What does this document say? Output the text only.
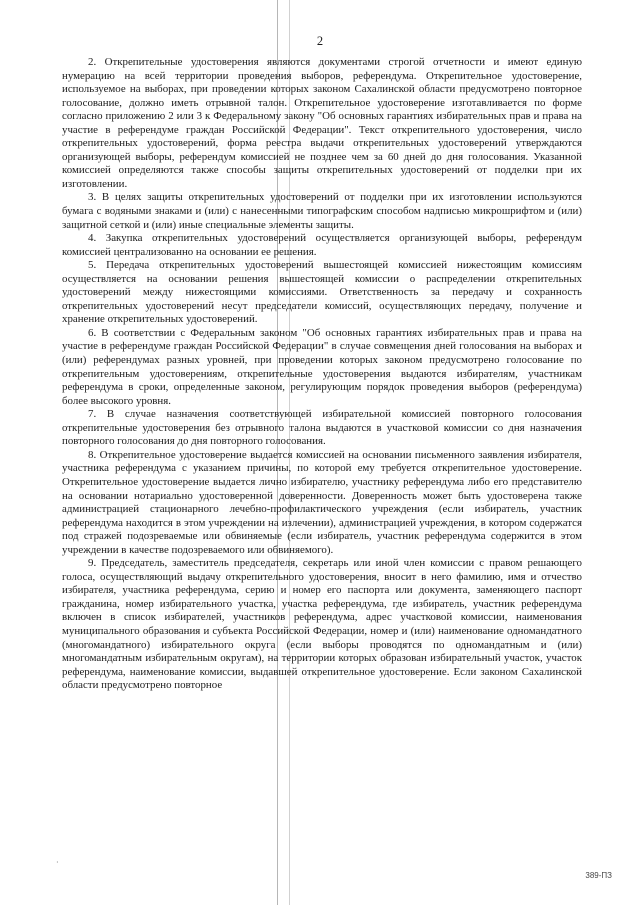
2

2. Открепительные удостоверения являются документами строгой отчетности и имеют единую нумерацию на всей территории проведения выборов, референдума. Открепительное удостоверение, используемое на выборах, при проведении которых законом Сахалинской области предусмотрено повторное голосование, должно иметь отрывной талон. Открепительное удостоверение изготавливается по форме согласно приложению 2 или 3 к Федеральному закону "Об основных гарантиях избирательных прав и права на участие в референдуме граждан Российской Федерации". Текст открепительного удостоверения, число открепительных удостоверений, форма реестра выдачи открепительных удостоверений утверждаются организующей выборы, референдум комиссией не позднее чем за 60 дней до дня голосования. Указанной комиссией определяются также способы защиты открепительных удостоверений от подделки при их изготовлении.

3. В целях защиты открепительных удостоверений от подделки при их изготовлении используются бумага с водяными знаками и (или) с нанесенными типографским способом надписью микрошрифтом и (или) защитной сеткой и (или) иные специальные элементы защиты.

4. Закупка открепительных удостоверений осуществляется организующей выборы, референдум комиссией централизованно на основании ее решения.

5. Передача открепительных удостоверений вышестоящей комиссией нижестоящим комиссиям осуществляется на основании решения вышестоящей комиссии о распределении открепительных удостоверений между нижестоящими комиссиями. Ответственность за передачу и сохранность открепительных удостоверений несут председатели комиссий, осуществляющих передачу, получение и хранение открепительных удостоверений.

6. В соответствии с Федеральным законом "Об основных гарантиях избирательных прав и права на участие в референдуме граждан Российской Федерации" в случае совмещения дней голосования на выборах и (или) референдумах разных уровней, при проведении которых законом предусмотрено голосование по открепительным удостоверениям, открепительные удостоверения выдаются избирателям, участникам референдума в сроки, определенные законом, регулирующим порядок проведения выборов (референдума) более высокого уровня.

7. В случае назначения соответствующей избирательной комиссией повторного голосования открепительные удостоверения без отрывного талона выдаются в участковой комиссии со дня назначения повторного голосования до дня повторного голосования.

8. Открепительное удостоверение выдается комиссией на основании письменного заявления избирателя, участника референдума с указанием причины, по которой ему требуется открепительное удостоверение. Открепительное удостоверение выдается лично избирателю, участнику референдума либо его представителю на основании нотариально удостоверенной доверенности. Доверенность может быть удостоверена также администрацией стационарного лечебно-профилактического учреждения (если избиратель, участник референдума находится в этом учреждении на излечении), администрацией учреждения, в котором содержатся под стражей подозреваемые или обвиняемые (если избиратель, участник референдума содержится в этом учреждении в качестве подозреваемого или обвиняемого).

9. Председатель, заместитель председателя, секретарь или иной член комиссии с правом решающего голоса, осуществляющий выдачу открепительного удостоверения, вносит в него фамилию, имя и отчество избирателя, участника референдума, серию и номер его паспорта или документа, заменяющего паспорт гражданина, номер избирательного участка, участка референдума, где избиратель, участник референдума включен в список избирателей, участников референдума, адрес участковой комиссии, наименования муниципального образования и субъекта Российской Федерации, номер и (или) наименование одномандатного (многомандатного) избирательного округа (если выборы проводятся по одномандатным и (или) многомандатным избирательным округам), на территории которых образован избирательный участок, участок референдума, наименование комиссии, выдавшей открепительное удостоверение. Если законом Сахалинской области предусмотрено повторное

·
389-ПЗ
